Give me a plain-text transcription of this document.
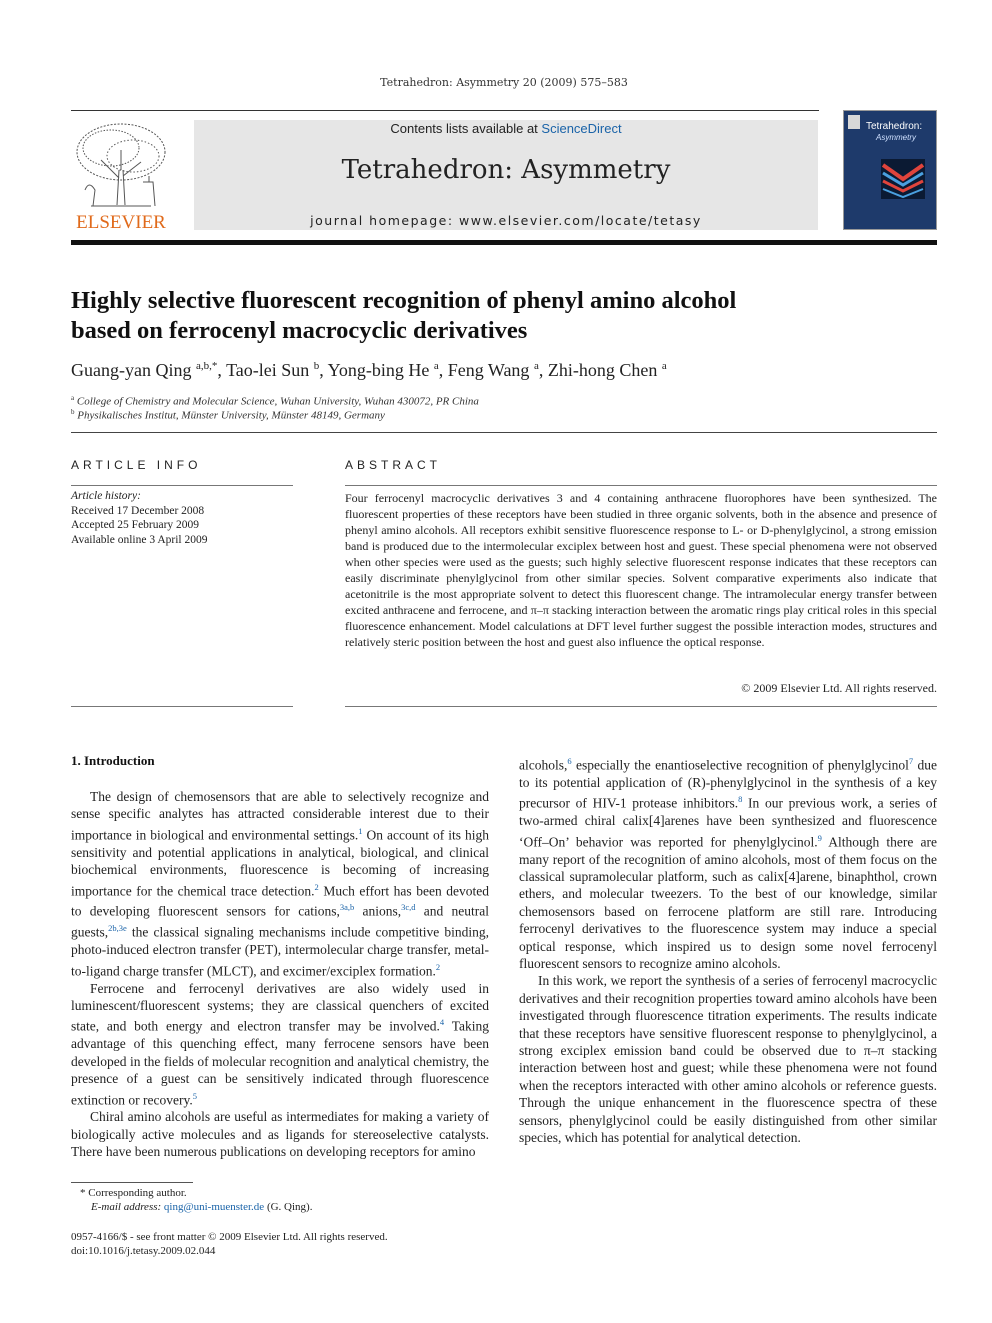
Tetrahedron: Asymmetry 20 (2009) 575–583
ELSEVIER
Contents lists available at ScienceDirect
Tetrahedron: Asymmetry
journal homepage: www.elsevier.com/locate/tetasy
Tetrahedron:
Asymmetry
Highly selective fluorescent recognition of phenyl amino alcohol
based on ferrocenyl macrocyclic derivatives
Guang-yan Qing $^{a,b,*}$, Tao-lei Sun $^b$, Yong-bing He $^a$, Feng Wang $^a$, Zhi-hong Chen $^a$
$^a$ College of Chemistry and Molecular Science, Wuhan University, Wuhan 430072, PR China
$^b$ Physikalisches Institut, Münster University, Münster 48149, Germany
ARTICLE INFO	ABSTRACT
Article history:
Received 17 December 2008
Accepted 25 February 2009
Available online 3 April 2009
Four ferrocenyl macrocyclic derivatives 3 and 4 containing anthracene fluorophores have been synthesized. The fluorescent properties of these receptors have been studied in three organic solvents, both in the absence and presence of phenyl amino alcohols. All receptors exhibit sensitive fluorescence response to L- or D-phenylglycinol, a strong emission band is produced due to the intermolecular exciplex between host and guest. These special phenomena were not observed when other species were used as the guests; such highly selective fluorescent response indicates that these receptors can easily discriminate phenylglycinol from other similar species. Solvent comparative experiments also indicate that acetonitrile is the most appropriate solvent to detect this fluorescent change. The intramolecular energy transfer between excited anthracene and ferrocene, and π–π stacking interaction between the aromatic rings play critical roles in this special fluorescence enhancement. Model calculations at DFT level further suggest the possible interaction modes, structures and relatively steric position between the host and guest also influence the optical response.
© 2009 Elsevier Ltd. All rights reserved.
1. Introduction

The design of chemosensors that are able to selectively recognize and sense specific analytes has attracted considerable interest due to their importance in biological and environmental settings.$^1$ On account of its high sensitivity and potential applications in analytical, biological, and clinical biochemical environments, fluorescence is becoming of increasing importance for the chemical trace detection.$^2$ Much effort has been devoted to developing fluorescent sensors for cations,$^{3a,b}$ anions,$^{3c,d}$ and neutral guests,$^{2b,3e}$ the classical signaling mechanisms include competitive binding, photo-induced electron transfer (PET), intermolecular charge transfer, metal-to-ligand charge transfer (MLCT), and excimer/exciplex formation.$^2$

Ferrocene and ferrocenyl derivatives are also widely used in luminescent/fluorescent systems; they are classical quenchers of excited state, and both energy and electron transfer may be involved.$^4$ Taking advantage of this quenching effect, many ferrocene sensors have been developed in the fields of molecular recognition and analytical chemistry, the presence of a guest can be sensitively indicated through fluorescence extinction or recovery.$^5$

Chiral amino alcohols are useful as intermediates for making a variety of biologically active molecules and as ligands for stereoselective catalysts. There have been numerous publications on developing receptors for amino

alcohols,$^6$ especially the enantioselective recognition of phenylglycinol$^7$ due to its potential application of (R)-phenylglycinol in the synthesis of a key precursor of HIV-1 protease inhibitors.$^8$ In our previous work, a series of two-armed chiral calix[4]arenes have been synthesized and fluorescence ‘Off–On’ behavior was reported for phenylglycinol.$^9$ Although there are many report of the recognition of amino alcohols, most of them focus on the classical supramolecular platform, such as calix[4]arene, binaphthol, crown ethers, and molecular tweezers. To the best of our knowledge, similar chemosensors based on ferrocene platform are still rare. Introducing ferrocenyl derivatives to the fluorescence system may induce a special optical response, which inspired us to design some novel ferrocenyl fluorescent sensors to recognize amino alcohols.

In this work, we report the synthesis of a series of ferrocenyl macrocyclic derivatives and their recognition properties toward amino alcohols have been investigated through fluorescence titration experiments. The results indicate that these receptors have sensitive fluorescent response to phenylglycinol, a strong exciplex emission band could be observed due to π–π stacking interaction between host and guest; while these phenomena were not found when the receptors interacted with other amino alcohols or reference guests. Through the unique enhancement in the fluorescence spectra of these sensors, phenylglycinol could be easily distinguished from other similar species, which has potential for analytical detection.

* Corresponding author.
E-mail address: qing@uni-muenster.de (G. Qing).
0957-4166/$ - see front matter © 2009 Elsevier Ltd. All rights reserved.
doi:10.1016/j.tetasy.2009.02.044
